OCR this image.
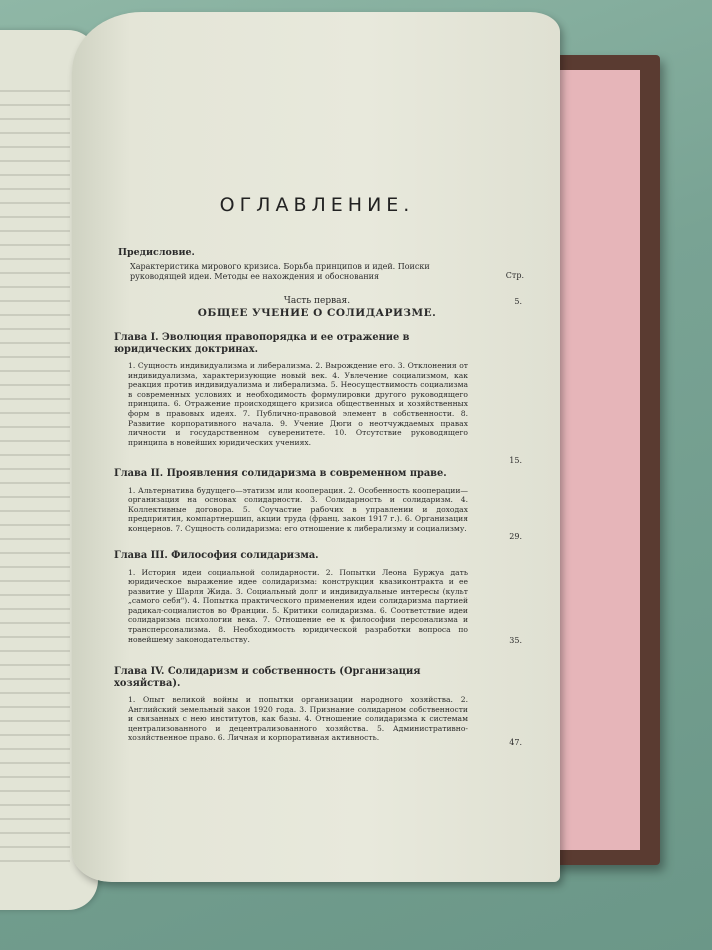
ОГЛАВЛЕНИЕ.
Предисловие.
Стр.
Характеристика мирового кризиса. Борьба принципов и идей. Поиски руководящей идеи. Методы ее нахождения и обоснования
5.
Часть первая.
ОБЩЕЕ УЧЕНИЕ О СОЛИДАРИЗМЕ.
Глава I. Эволюция правопорядка и ее отражение в юридических доктринах.
1. Сущность индивидуализма и либерализма. 2. Вырождение его. 3. Отклонения от индивидуализма, характеризующие новый век. 4. Увлечение социализмом, как реакция против индивидуализма и либерализма. 5. Неосуществимость социализма в современных условиях и необходимость формулировки другого руководящего принципа. 6. Отражение происходящего кризиса общественных и хозяйственных форм в правовых идеях. 7. Публично-правовой элемент в собственности. 8. Развитие корпоративного начала. 9. Учение Дюги о неотчуждаемых правах личности и государственном суверенитете. 10. Отсутствие руководящего принципа в новейших юридических учениях.
15.
Глава II. Проявления солидаризма в современном праве.
1. Альтернатива будущего—этатизм или кооперация. 2. Особенность кооперации—организация на основах солидарности. 3. Солидарность и солидаризм. 4. Коллективные договора. 5. Соучастие рабочих в управлении и доходах предприятия, компартнершип, акции труда (франц. закон 1917 г.). 6. Организация концернов. 7. Сущность солидаризма: его отношение к либерализму и социализму.
29.
Глава III. Философия солидаризма.
1. История идеи социальной солидарности. 2. Попытки Леона Буржуа дать юридическое выражение идее солидаризма: конструкция квазиконтракта и ее развитие у Шарля Жида. 3. Социальный долг и индивидуальные интересы (культ „самого себя"). 4. Попытка практического применения идеи солидаризма партией радикал-социалистов во Франции. 5. Критики солидаризма. 6. Соответствие идеи солидаризма психологии века. 7. Отношение ее к философии персонализма и трансперсонализма. 8. Необходимость юридической разработки вопроса по новейшему законодательству.	35.
Глава IV. Солидаризм и собственность (Организация хозяйства).
1. Опыт великой войны и попытки организации народного хозяйства. 2. Английский земельный закон 1920 года. 3. Признание солидарном собственности и связанных с нею институтов, как базы. 4. Отношение солидаризма к системам централизованного и децентрализованного хозяйства. 5. Административно-хозяйственное право. 6. Личная и корпоративная активность.
47.
